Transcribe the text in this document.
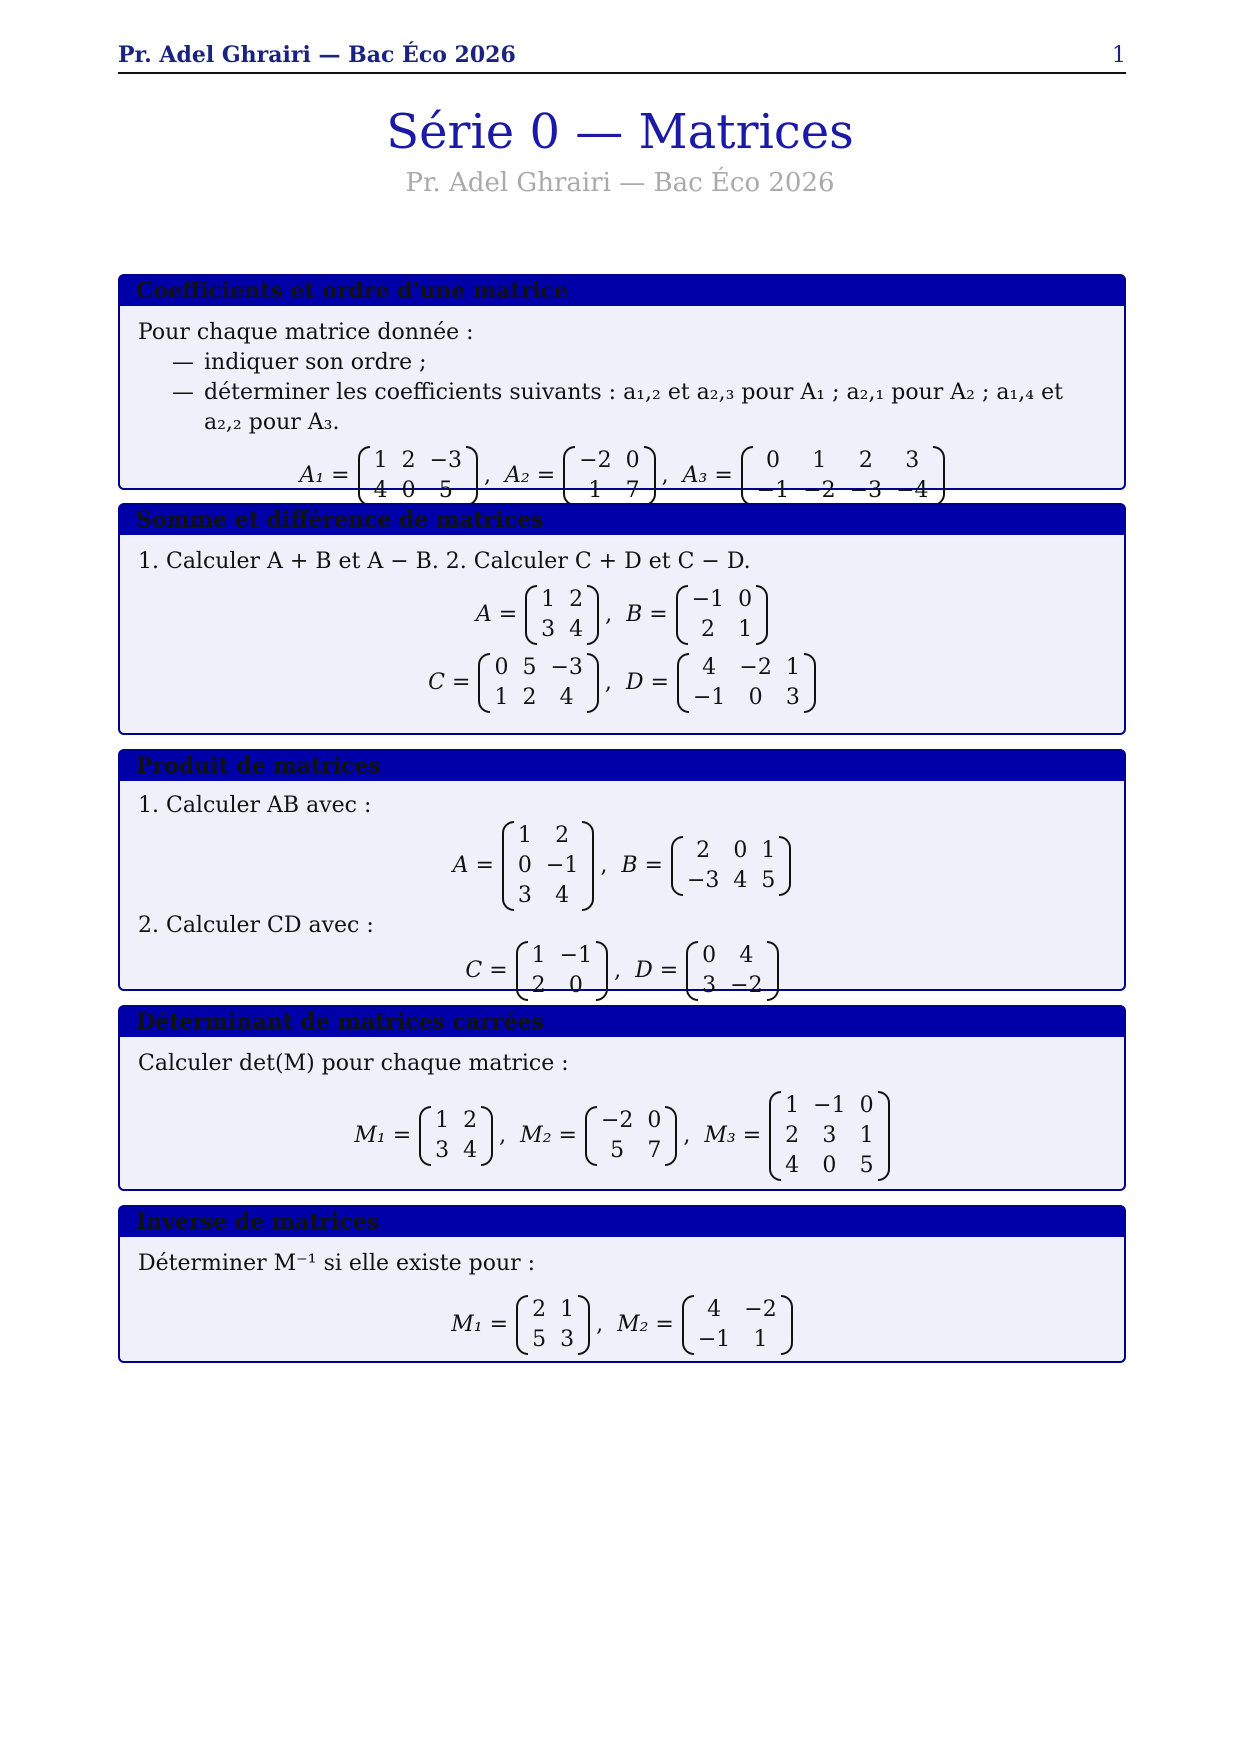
Pr. Adel Ghrairi — Bac Éco 2026	1
Série 0 — Matrices
Pr. Adel Ghrairi — Bac Éco 2026
Coefficients et ordre d'une matrice
Pour chaque matrice donnée :
— indiquer son ordre ;
— déterminer les coefficients suivants : a₁,₂ et a₂,₃ pour A₁ ; a₂,₁ pour A₂ ; a₁,₄ et a₂,₂ pour A₃.
A₁ =
1 2 −3
4 0	5
, A₂ =
−2 0
1	7
, A₃ =
0	1	2	3
−1 −2 −3 −4
Somme et différence de matrices
1. Calculer A + B et A − B. 2. Calculer C + D et C − D.
A =
1 2
3 4
, B =
−1 0
2	1
C =
0 5 −3
1 2	4
, D =
4	−2 1
−1	0	3
Produit de matrices
1. Calculer AB avec :
A =
1	2
0 −1
3	4
, B =
2	0 1
−3 4 5
2. Calculer CD avec :
C =
1 −1
2	0
, D =
0	4
3 −2
Déterminant de matrices carrées
Calculer det(M) pour chaque matrice :
M₁ =
1 2
3 4
, M₂ =
−2 0
5	7
, M₃ =
1 −1 0
2	3	1
4	0	5
Inverse de matrices
Déterminer M⁻¹ si elle existe pour :
M₁ =
2 1
5 3
, M₂ =
4	−2
−1	1
